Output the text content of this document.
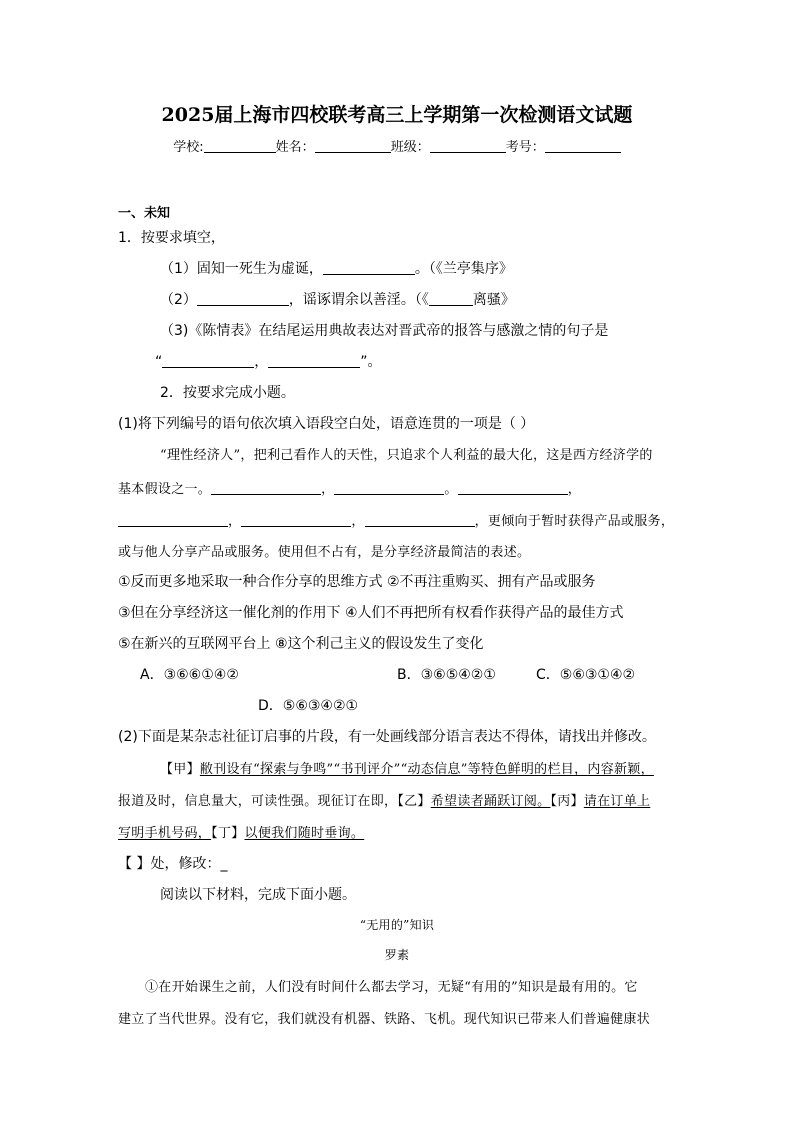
2025届上海市四校联考高三上学期第一次检测语文试题
学校:	姓名：	班级：	考号：
一、未知
1．按要求填空，
（1）固知一死生为虚诞，	。（《兰亭集序》
（2）	，谣诼谓余以善淫。（《	离骚》
（3)《陈情表》在结尾运用典故表达对晋武帝的报答与感激之情的句子是
“	，	”。
2．按要求完成小题。
(1)将下列编号的语句依次填入语段空白处，语意连贯的一项是（ ）
“理性经济人”，把利己看作人的天性，只追求个人利益的最大化，这是西方经济学的
基本假设之一。	，	。	，
，	，	，更倾向于暂时获得产品或服务，
或与他人分享产品或服务。使用但不占有，是分享经济最简洁的表述。
①反而更多地采取一种合作分享的思维方式 ②不再注重购买、拥有产品或服务
③但在分享经济这一催化剂的作用下 ④人们不再把所有权看作获得产品的最佳方式
⑤在新兴的互联网平台上 ⑧这个利己主义的假设发生了变化
A．③⑥⑥①④②	B．③⑥⑤④②①	C．⑤⑥③①④②
D．⑤⑥③④②①
(2)下面是某杂志社征订启事的片段，有一处画线部分语言表达不得体，请找出并修改。
【甲】敝刊设有“探索与争鸣”“书刊评介”“动态信息”等特色鲜明的栏目，内容新颖，
报道及时，信息量大，可读性强。现征订在即，【乙】希望读者踊跃订阅。【丙】请在订单上
写明手机号码，【丁】以便我们随时垂询。
【 】处，修改：_
阅读以下材料，完成下面小题。
“无用的”知识
罗素
①在开始课生之前，人们没有时间什么都去学习，无疑“有用的”知识是最有用的。它
建立了当代世界。没有它，我们就没有机器、铁路、飞机。现代知识已带来人们普遍健康状
